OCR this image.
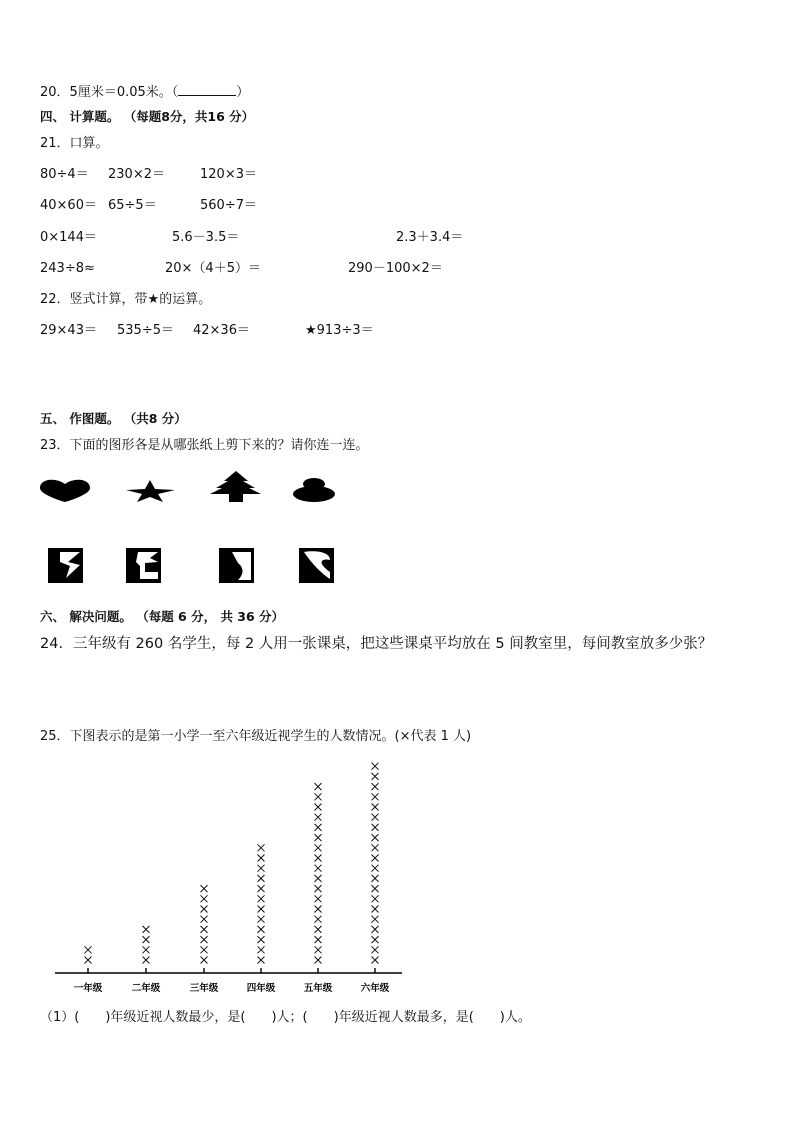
20．5厘米＝0.05米。（	）
四、 计算题。 （每题8分，共16 分）
21．口算。
80÷4＝ 230×2＝	120×3＝
40×60＝ 65÷5＝	560÷7＝
0×144＝	5.6－3.5＝	2.3＋3.4＝
243÷8≈	20×（4＋5）＝	290－100×2＝
22．竖式计算，带★的运算。
29×43＝ 535÷5＝ 42×36＝	★913÷3＝
五、 作图题。 （共8 分）
23．下面的图形各是从哪张纸上剪下来的？请你连一连。
六、 解决问题。 （每题 6 分， 共 36 分）
24．三年级有 260 名学生，每 2 人用一张课桌，把这些课桌平均放在 5 间教室里，每间教室放多少张？
25．下图表示的是第一小学一至六年级近视学生的人数情况。(×代表 1 人)
一年级	二年级	三年级	四年级	五年级	六年级
（1）(　　)年级近视人数最少，是(　　)人；(　　)年级近视人数最多，是(　　)人。
